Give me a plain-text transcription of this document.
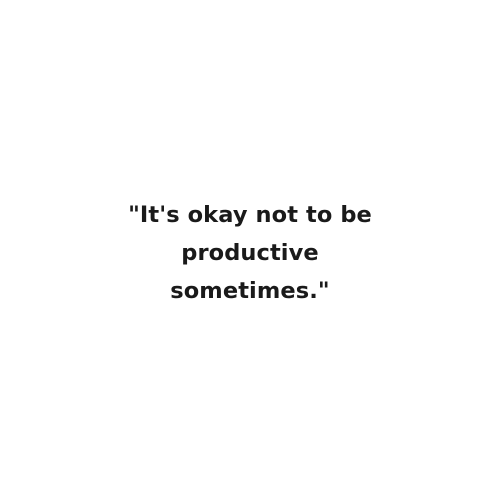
"It's okay not to be
productive
sometimes."
